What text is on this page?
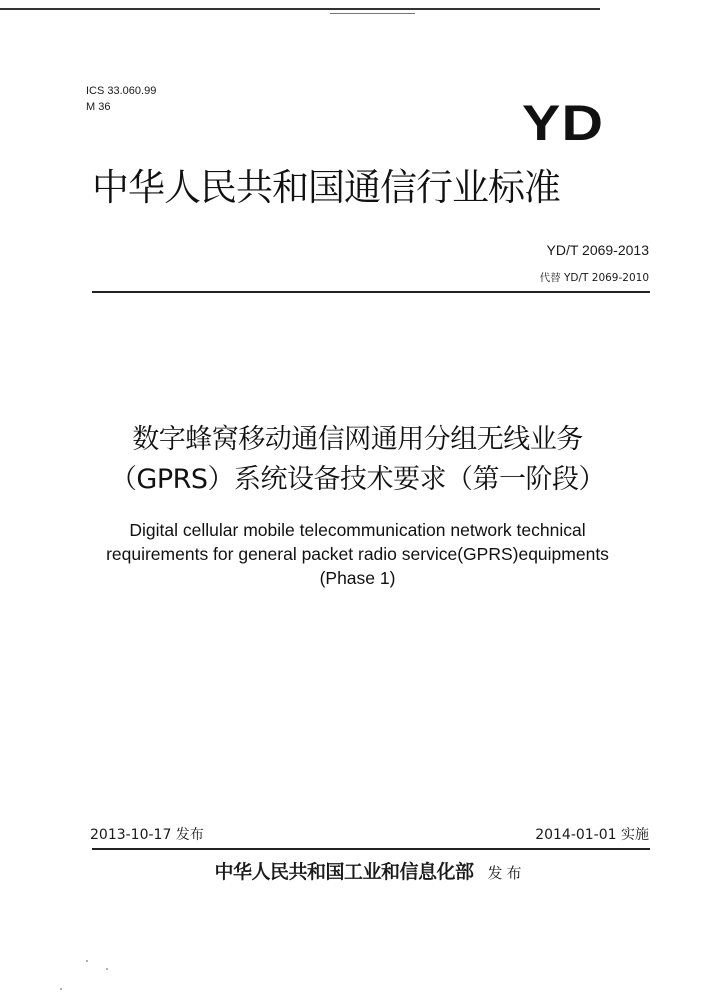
ICS 33.060.99
M 36	YD
中华人民共和国通信行业标准
YD/T 2069-2013
代替 YD/T 2069-2010
数字蜂窝移动通信网通用分组无线业务
（GPRS）系统设备技术要求（第一阶段）
Digital cellular mobile telecommunication network technical
requirements for general packet radio service(GPRS)equipments
(Phase 1)
2013-10-17 发布	2014-01-01 实施
中华人民共和国工业和信息化部 发布
